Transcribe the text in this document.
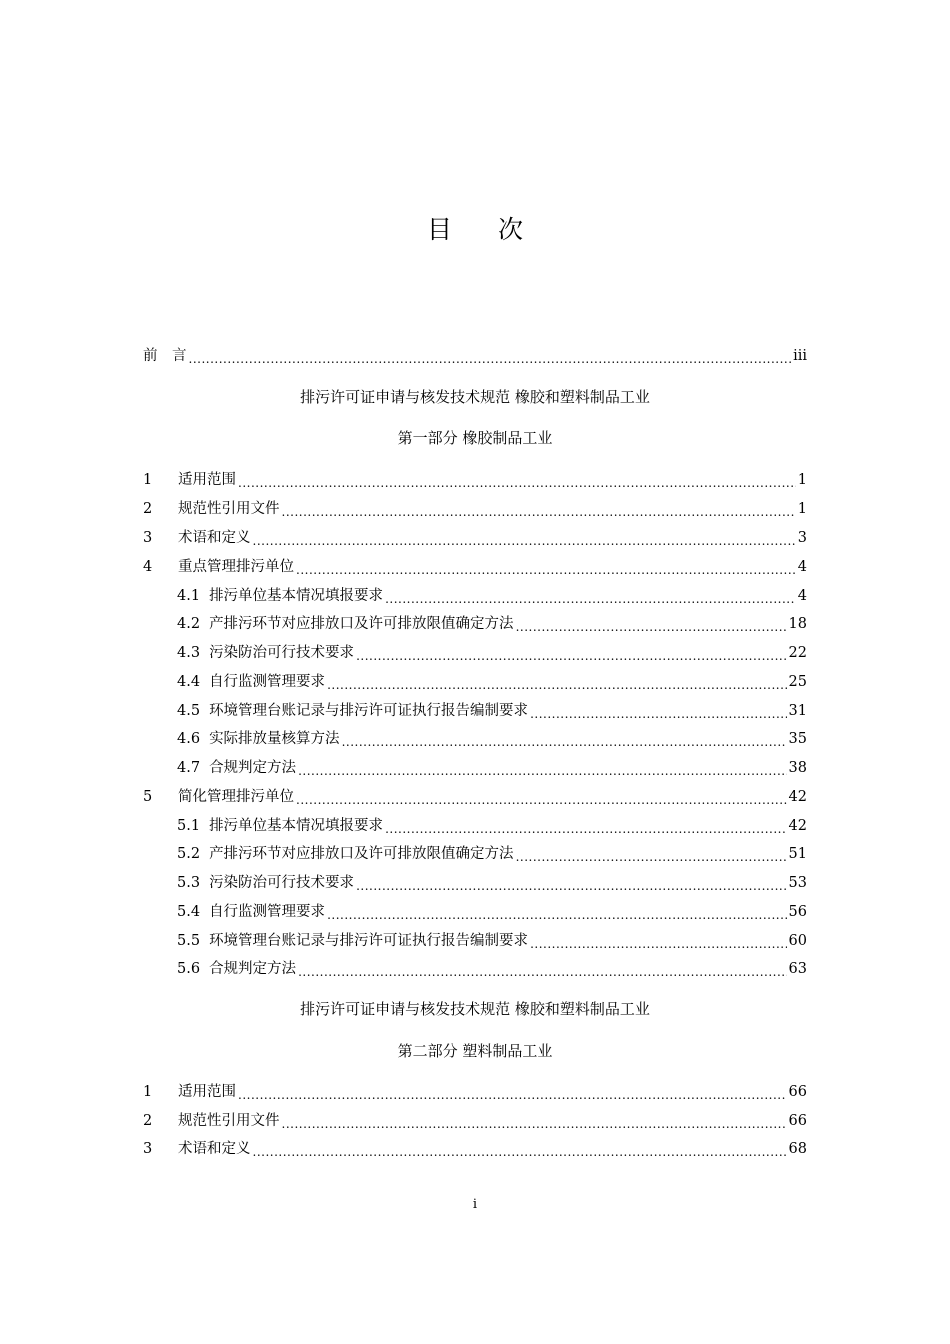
目 次
前　言 .....	iii
排污许可证申请与核发技术规范 橡胶和塑料制品工业
第一部分 橡胶制品工业
1	适用范围 .....	1
2	规范性引用文件 .....	1
3	术语和定义 .....	3
4	重点管理排污单位 .....	4
4.1 排污单位基本情况填报要求 .....	4
4.2 产排污环节对应排放口及许可排放限值确定方法 .....	18
4.3 污染防治可行技术要求 .....	22
4.4 自行监测管理要求 .....	25
4.5 环境管理台账记录与排污许可证执行报告编制要求 .....	31
4.6 实际排放量核算方法 .....	35
4.7 合规判定方法 .....	38
5	简化管理排污单位 .....	42
5.1 排污单位基本情况填报要求 .....	42
5.2 产排污环节对应排放口及许可排放限值确定方法 .....	51
5.3 污染防治可行技术要求 .....	53
5.4 自行监测管理要求 .....	56
5.5 环境管理台账记录与排污许可证执行报告编制要求 .....	60
5.6 合规判定方法 .....	63
排污许可证申请与核发技术规范 橡胶和塑料制品工业
第二部分 塑料制品工业
1	适用范围 .....	66
2	规范性引用文件 .....	66
3	术语和定义 .....	68
i
